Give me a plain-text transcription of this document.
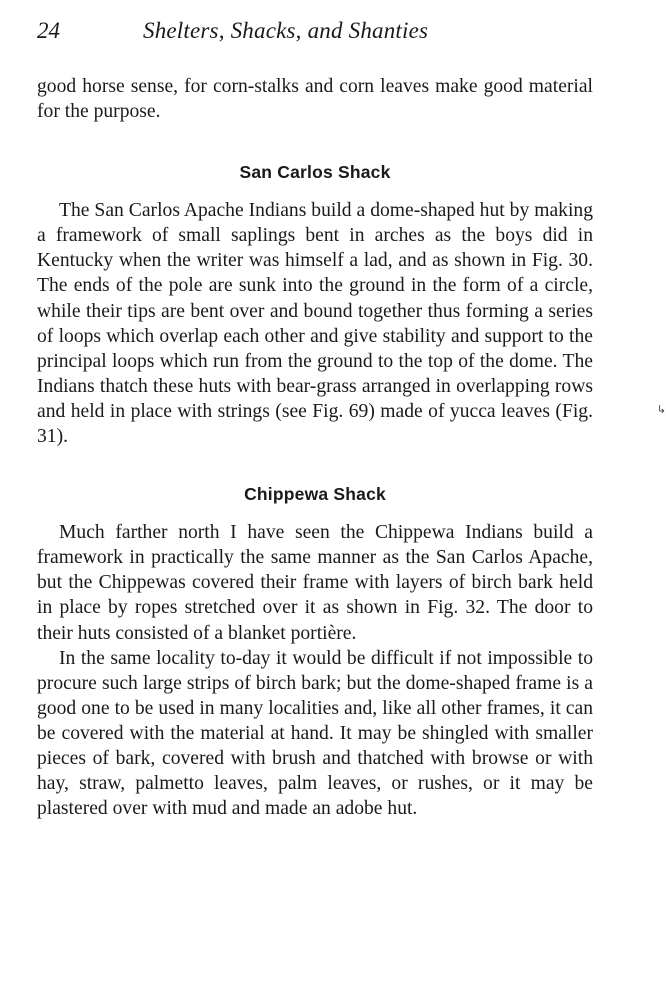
24	Shelters, Shacks, and Shanties

good horse sense, for corn-stalks and corn leaves make good material for the purpose.

San Carlos Shack

The San Carlos Apache Indians build a dome-shaped hut by making a framework of small saplings bent in arches as the boys did in Kentucky when the writer was himself a lad, and as shown in Fig. 30. The ends of the pole are sunk into the ground in the form of a circle, while their tips are bent over and bound together thus forming a series of loops which overlap each other and give stability and support to the principal loops which run from the ground to the top of the dome. The Indians thatch these huts with bear-grass arranged in overlapping rows and held in place with strings (see Fig. 69) made of yucca leaves (Fig. 31).

Chippewa Shack

Much farther north I have seen the Chippewa Indians build a framework in practically the same manner as the San Carlos Apache, but the Chippewas covered their frame with layers of birch bark held in place by ropes stretched over it as shown in Fig. 32. The door to their huts consisted of a blanket portière.

In the same locality to-day it would be difficult if not impossible to procure such large strips of birch bark; but the dome-shaped frame is a good one to be used in many localities and, like all other frames, it can be covered with the material at hand. It may be shingled with smaller pieces of bark, covered with brush and thatched with browse or with hay, straw, palmetto leaves, palm leaves, or rushes, or it may be plastered over with mud and made an adobe hut.

↳
